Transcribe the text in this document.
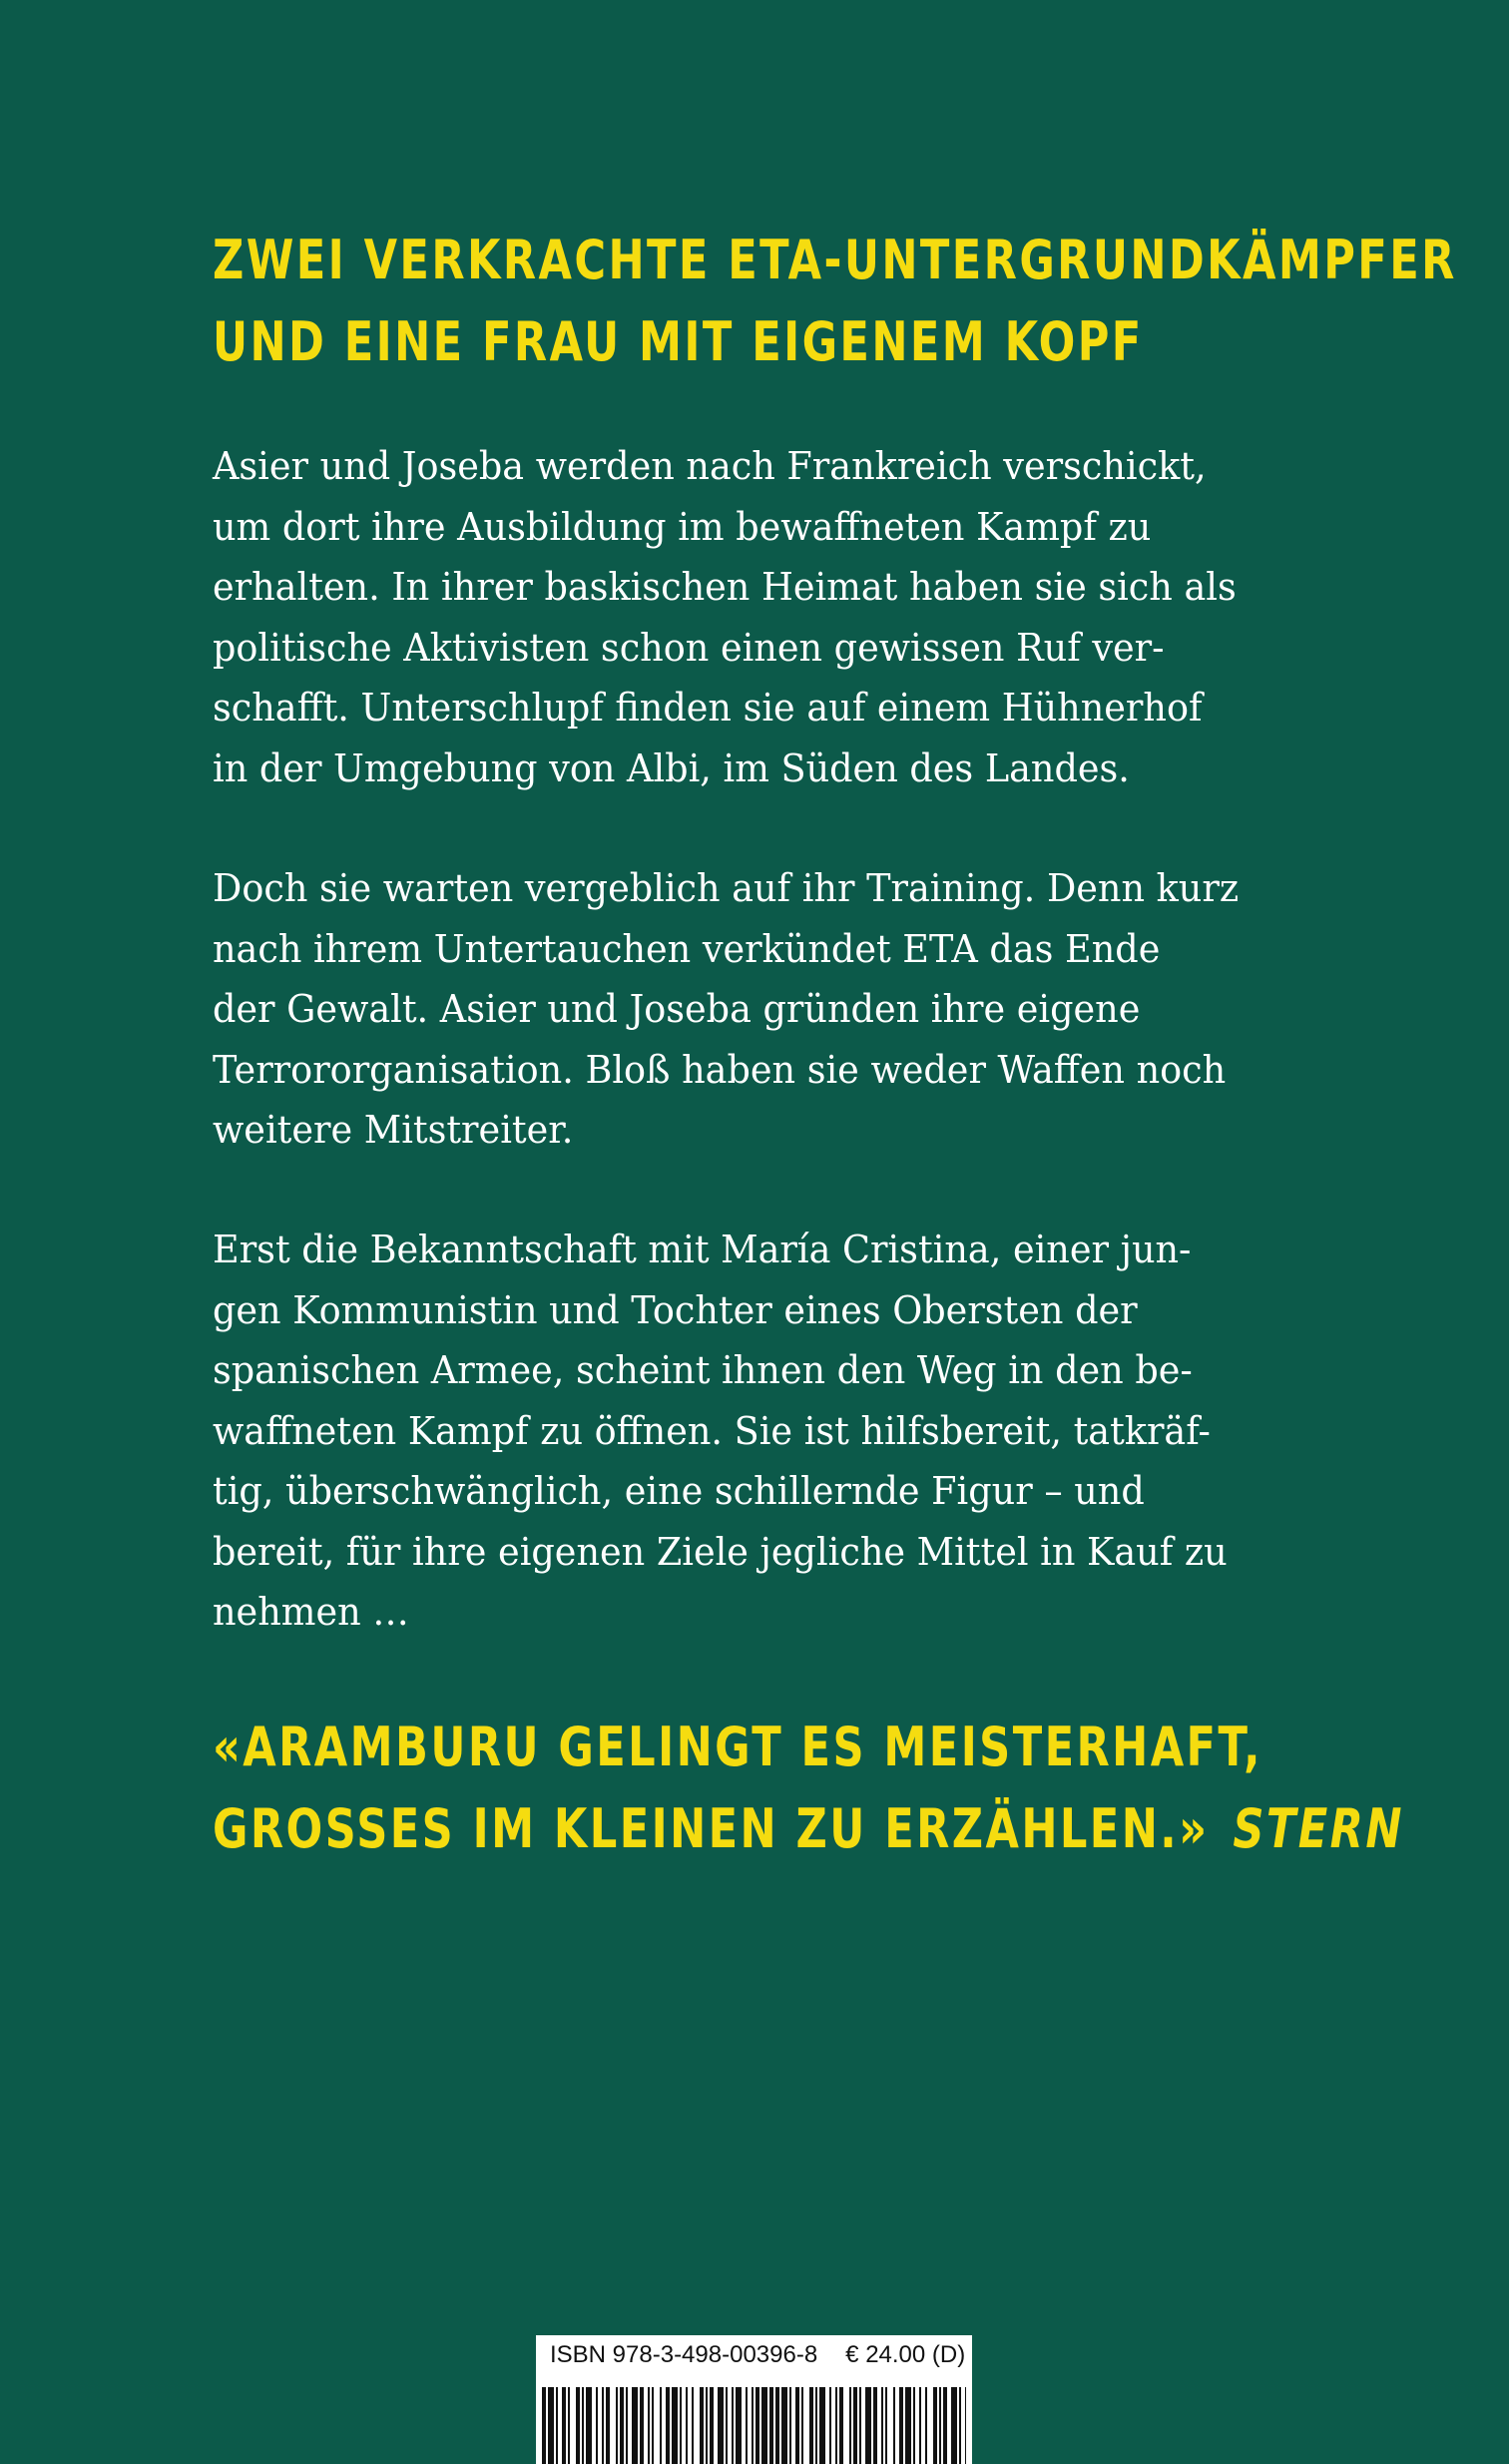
ZWEI VERKRACHTE ETA-UNTERGRUNDKÄMPFER
UND EINE FRAU MIT EIGENEM KOPF

Asier und Joseba werden nach Frankreich verschickt,
um dort ihre Ausbildung im bewaffneten Kampf zu
erhalten. In ihrer baskischen Heimat haben sie sich als
politische Aktivisten schon einen gewissen Ruf ver-
schafft. Unterschlupf finden sie auf einem Hühnerhof
in der Umgebung von Albi, im Süden des Landes.

Doch sie warten vergeblich auf ihr Training. Denn kurz
nach ihrem Untertauchen verkündet ETA das Ende
der Gewalt. Asier und Joseba gründen ihre eigene
Terrororganisation. Bloß haben sie weder Waffen noch
weitere Mitstreiter.

Erst die Bekanntschaft mit María Cristina, einer jun-
gen Kommunistin und Tochter eines Obersten der
spanischen Armee, scheint ihnen den Weg in den be-
waffneten Kampf zu öffnen. Sie ist hilfsbereit, tatkräf-
tig, überschwänglich, eine schillernde Figur – und
bereit, für ihre eigenen Ziele jegliche Mittel in Kauf zu
nehmen …

«ARAMBURU GELINGT ES MEISTERHAFT,
GROSSES IM KLEINEN ZU ERZÄHLEN.» STERN
ISBN 978-3-498-00396-8 € 24.00 (D)
